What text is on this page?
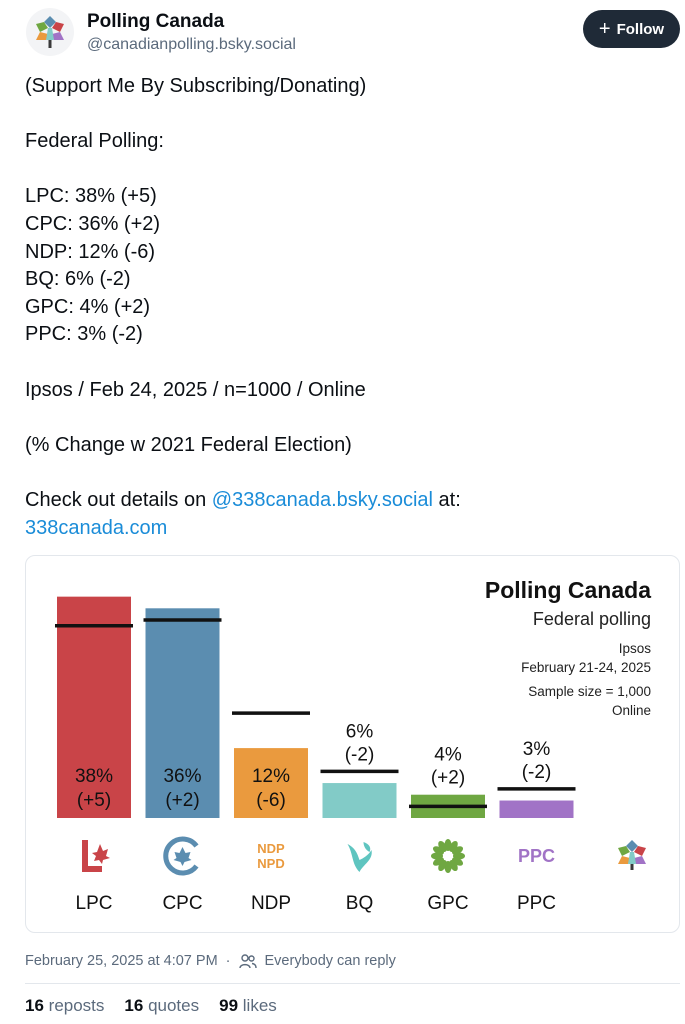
Polling Canada
@canadianpolling.bsky.social
+ Follow

(Support Me By Subscribing/Donating)

Federal Polling:

LPC: 38% (+5)

CPC: 36% (+2)

NDP: 12% (-6)

BQ: 6% (-2)

GPC: 4% (+2)

PPC: 3% (-2)

Ipsos / Feb 24, 2025 / n=1000 / Online

(% Change w 2021 Federal Election)

Check out details on @338canada.bsky.social at:

338canada.com

Polling Canada
Federal polling
Ipsos
February 21-24, 2025
Sample size = 1,000
Online
38%
(+5)
36%
(+2)
12%
(-6)
6%
(-2)	4%
(+2)
3%
(-2)
LPC	CPC	NDP
NDP
NPD
BQ	GPC	PPC
PPC
February 25, 2025 at 4:07 PM · Everybody can reply
16 reposts 16 quotes 99 likes
